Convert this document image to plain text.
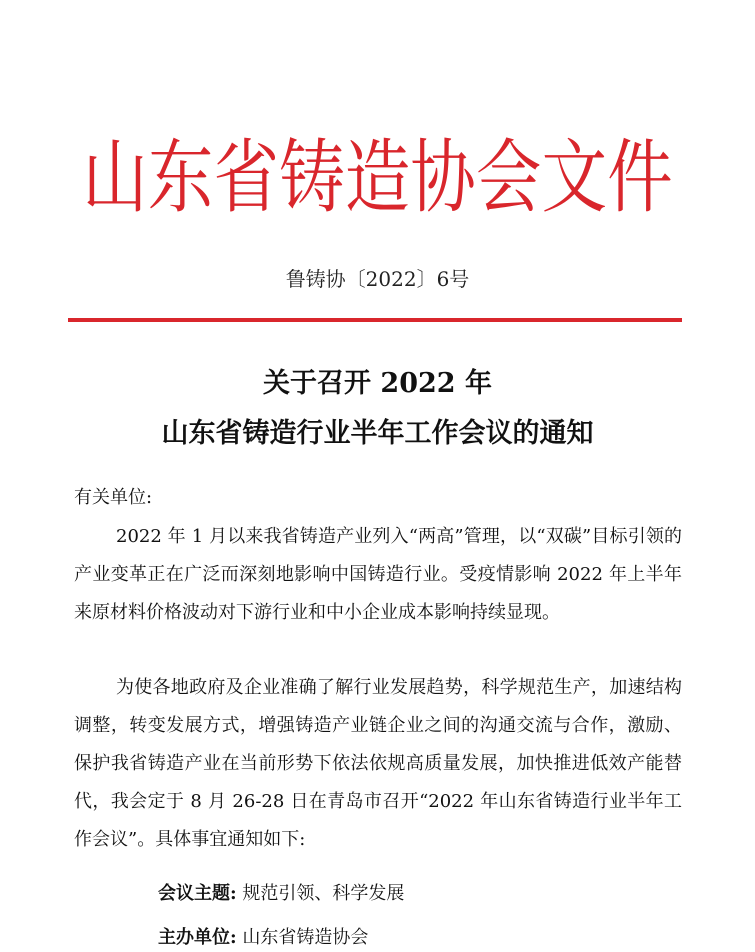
山东省铸造协会文件
鲁铸协〔2022〕6号
关于召开 2022 年
山东省铸造行业半年工作会议的通知
有关单位:

2022 年 1 月以来我省铸造产业列入“两高”管理，以“双碳”目标引领的产业变革正在广泛而深刻地影响中国铸造行业。受疫情影响 2022 年上半年来原材料价格波动对下游行业和中小企业成本影响持续显现。

为使各地政府及企业准确了解行业发展趋势，科学规范生产，加速结构调整，转变发展方式，增强铸造产业链企业之间的沟通交流与合作，激励、保护我省铸造产业在当前形势下依法依规高质量发展，加快推进低效产能替代，我会定于 8 月 26-28 日在青岛市召开“2022 年山东省铸造行业半年工作会议”。具体事宜通知如下:

会议主题: 规范引领、科学发展
主办单位: 山东省铸造协会
